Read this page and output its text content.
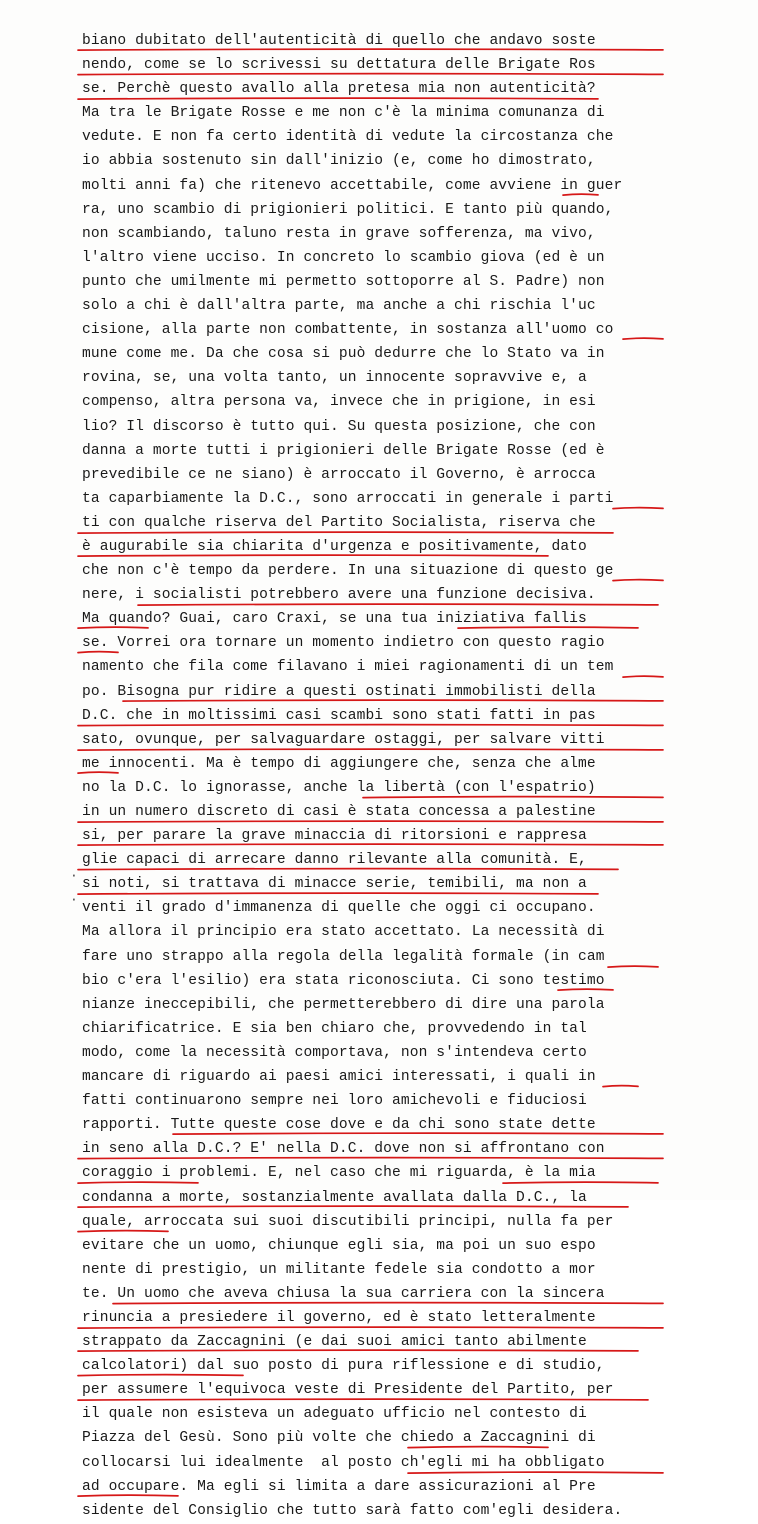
biano dubitato dell'autenticità di quello che andavo soste
nendo, come se lo scrivessi su dettatura delle Brigate Ros
se. Perchè questo avallo alla pretesa mia non autenticità?
Ma tra le Brigate Rosse e me non c'è la minima comunanza di
vedute. E non fa certo identità di vedute la circostanza che
io abbia sostenuto sin dall'inizio (e, come ho dimostrato,
molti anni fa) che ritenevo accettabile, come avviene in guer
ra, uno scambio di prigionieri politici. E tanto più quando,
non scambiando, taluno resta in grave sofferenza, ma vivo,
l'altro viene ucciso. In concreto lo scambio giova (ed è un
punto che umilmente mi permetto sottoporre al S. Padre) non
solo a chi è dall'altra parte, ma anche a chi rischia l'uc
cisione, alla parte non combattente, in sostanza all'uomo co
mune come me. Da che cosa si può dedurre che lo Stato va in
rovina, se, una volta tanto, un innocente sopravvive e, a
compenso, altra persona va, invece che in prigione, in esi
lio? Il discorso è tutto qui. Su questa posizione, che con
danna a morte tutti i prigionieri delle Brigate Rosse (ed è
prevedibile ce ne siano) è arroccato il Governo, è arrocca
ta caparbiamente la D.C., sono arroccati in generale i parti
ti con qualche riserva del Partito Socialista, riserva che
è augurabile sia chiarita d'urgenza e positivamente, dato
che non c'è tempo da perdere. In una situazione di questo ge
nere, i socialisti potrebbero avere una funzione decisiva.
Ma quando? Guai, caro Craxi, se una tua iniziativa fallis
se. Vorrei ora tornare un momento indietro con questo ragio
namento che fila come filavano i miei ragionamenti di un tem
po. Bisogna pur ridire a questi ostinati immobilisti della
D.C. che in moltissimi casi scambi sono stati fatti in pas
sato, ovunque, per salvaguardare ostaggi, per salvare vitti
me innocenti. Ma è tempo di aggiungere che, senza che alme
no la D.C. lo ignorasse, anche la libertà (con l'espatrio)
in un numero discreto di casi è stata concessa a palestine
si, per parare la grave minaccia di ritorsioni e rappresa
glie capaci di arrecare danno rilevante alla comunità. E,
si noti, si trattava di minacce serie, temibili, ma non a
venti il grado d'immanenza di quelle che oggi ci occupano.
Ma allora il principio era stato accettato. La necessità di
fare uno strappo alla regola della legalità formale (in cam
bio c'era l'esilio) era stata riconosciuta. Ci sono testimo
nianze ineccepibili, che permetterebbero di dire una parola
chiarificatrice. E sia ben chiaro che, provvedendo in tal
modo, come la necessità comportava, non s'intendeva certo
mancare di riguardo ai paesi amici interessati, i quali in
fatti continuarono sempre nei loro amichevoli e fiduciosi
rapporti. Tutte queste cose dove e da chi sono state dette
in seno alla D.C.? E' nella D.C. dove non si affrontano con
coraggio i problemi. E, nel caso che mi riguarda, è la mia
condanna a morte, sostanzialmente avallata dalla D.C., la
quale, arroccata sui suoi discutibili principi, nulla fa per
evitare che un uomo, chiunque egli sia, ma poi un suo espo
nente di prestigio, un militante fedele sia condotto a mor
te. Un uomo che aveva chiusa la sua carriera con la sincera
rinuncia a presiedere il governo, ed è stato letteralmente
strappato da Zaccagnini (e dai suoi amici tanto abilmente
calcolatori) dal suo posto di pura riflessione e di studio,
per assumere l'equivoca veste di Presidente del Partito, per
il quale non esisteva un adeguato ufficio nel contesto di
Piazza del Gesù. Sono più volte che chiedo a Zaccagnini di
collocarsi lui idealmente  al posto ch'egli mi ha obbligato
ad occupare. Ma egli si limita a dare assicurazioni al Pre
sidente del Consiglio che tutto sarà fatto com'egli desidera.
·
·
